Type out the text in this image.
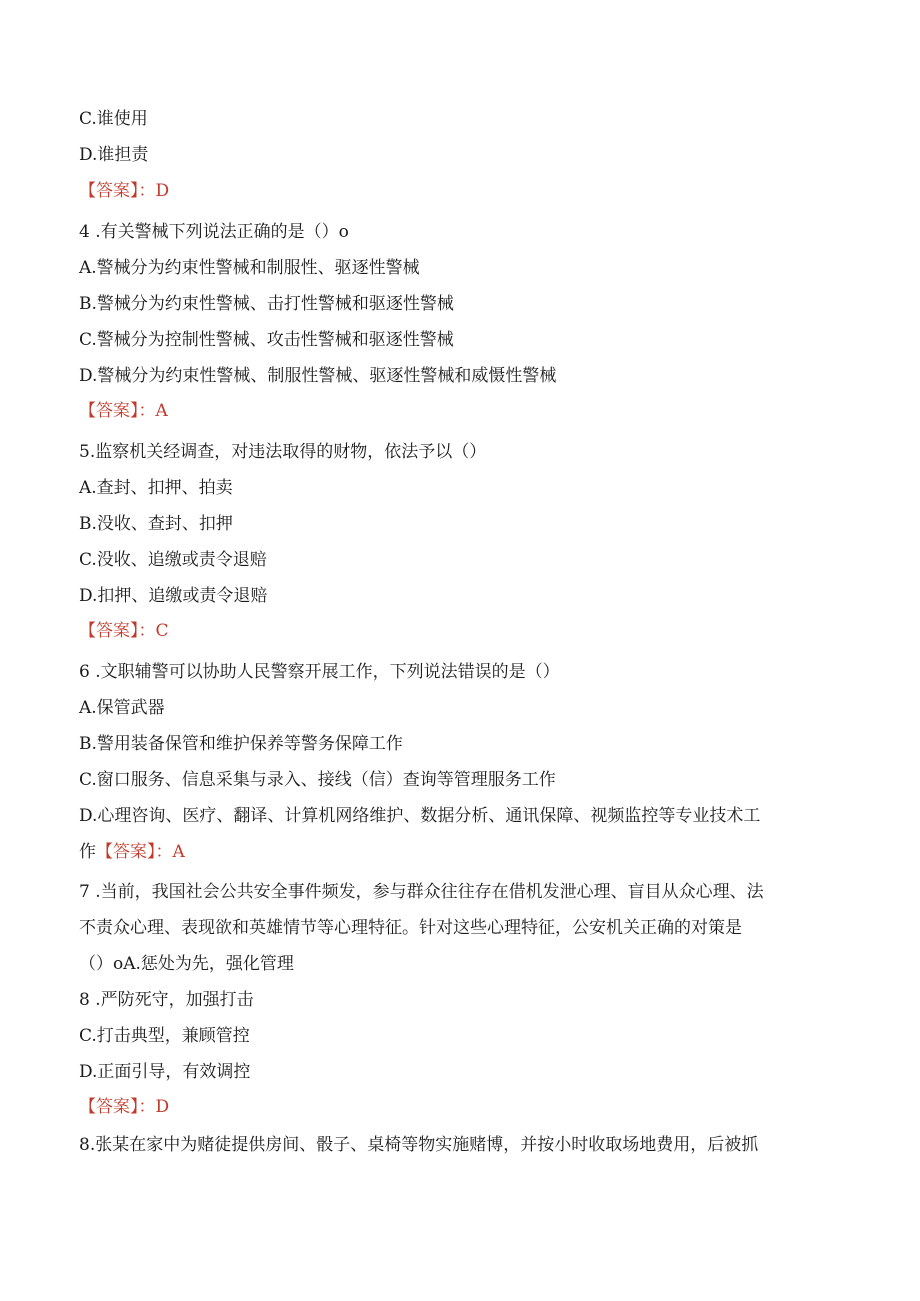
C.谁使用
D.谁担责
【答案】：D
4 .有关警械下列说法正确的是（）o
A.警械分为约束性警械和制服性、驱逐性警械
B.警械分为约束性警械、击打性警械和驱逐性警械
C.警械分为控制性警械、攻击性警械和驱逐性警械
D.警械分为约束性警械、制服性警械、驱逐性警械和威慑性警械
【答案】：A
5.监察机关经调查，对违法取得的财物，依法予以（）
A.查封、扣押、拍卖
B.没收、查封、扣押
C.没收、追缴或责令退赔
D.扣押、追缴或责令退赔
【答案】：C
6 .文职辅警可以协助人民警察开展工作，下列说法错误的是（）
A.保管武器
B.警用装备保管和维护保养等警务保障工作
C.窗口服务、信息采集与录入、接线（信）查询等管理服务工作
D.心理咨询、医疗、翻译、计算机网络维护、数据分析、通讯保障、视频监控等专业技术工
作【答案】：A
7 .当前，我国社会公共安全事件频发，参与群众往往存在借机发泄心理、盲目从众心理、法
不责众心理、表现欲和英雄情节等心理特征。针对这些心理特征，公安机关正确的对策是
（）oA.惩处为先，强化管理
8 .严防死守，加强打击
C.打击典型，兼顾管控
D.正面引导，有效调控
【答案】：D
8.张某在家中为赌徒提供房间、骰子、桌椅等物实施赌博，并按小时收取场地费用，后被抓
